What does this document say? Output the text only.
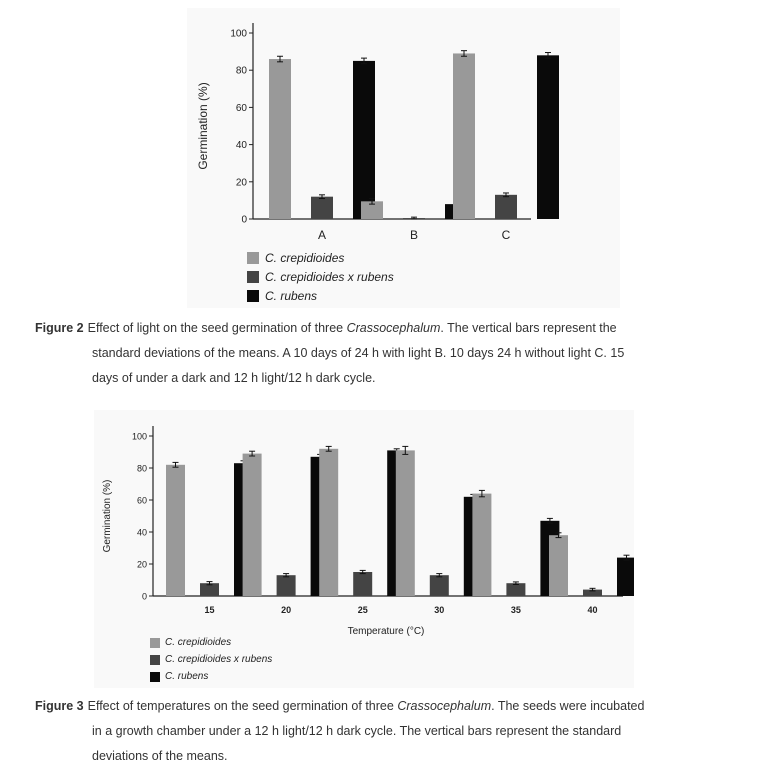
0
20
40
60
80
100
Germination (%)
A	B	C
C. crepidioides
C. crepidioides x rubens
C. rubens
Figure 2 Effect of light on the seed germination of three Crassocephalum. The vertical bars represent the
standard deviations of the means. A 10 days of 24 h with light B. 10 days 24 h without light C. 15
days of under a dark and 12 h light/12 h dark cycle.
0
20
40
60
80
100
Germination (%)
15	20	25	30	35	40
Temperature (°C)
C. crepidioides
C. crepidioides x rubens
C. rubens
Figure 3 Effect of temperatures on the seed germination of three Crassocephalum. The seeds were incubated
in a growth chamber under a 12 h light/12 h dark cycle. The vertical bars represent the standard
deviations of the means.
